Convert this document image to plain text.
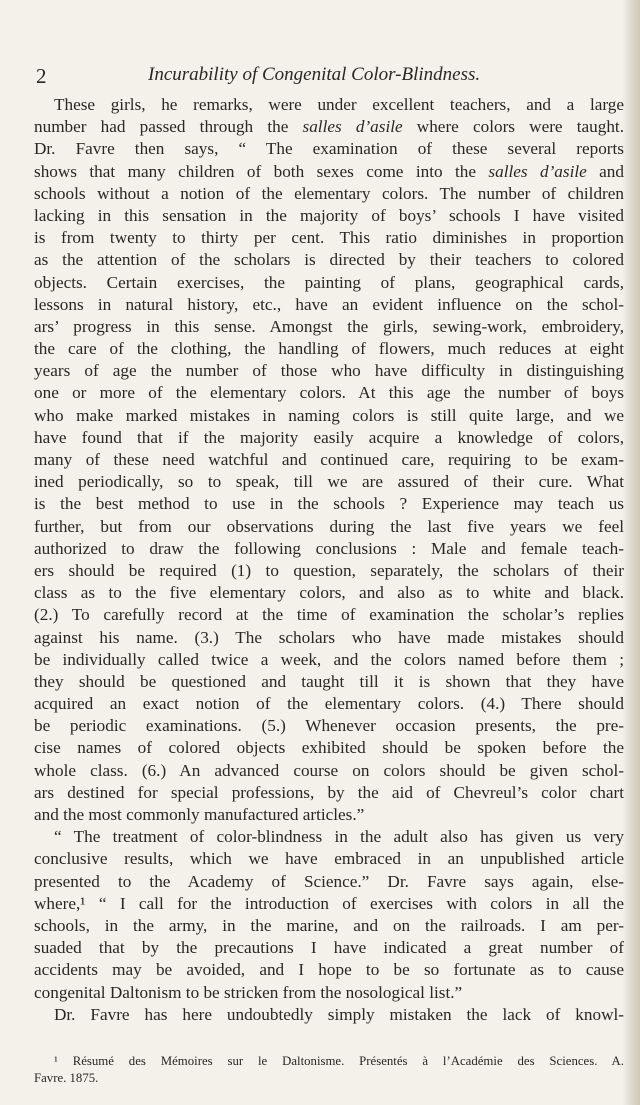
2	Incurability of Congenital Color-Blindness.
These girls, he remarks, were under excellent teachers, and a large
number had passed through the salles d’asile where colors were taught.
Dr. Favre then says, “ The examination of these several reports
shows that many children of both sexes come into the salles d’asile and
schools without a notion of the elementary colors. The number of children
lacking in this sensation in the majority of boys’ schools I have visited
is from twenty to thirty per cent. This ratio diminishes in proportion
as the attention of the scholars is directed by their teachers to colored
objects. Certain exercises, the painting of plans, geographical cards,
lessons in natural history, etc., have an evident influence on the schol-
ars’ progress in this sense. Amongst the girls, sewing-work, embroidery,
the care of the clothing, the handling of flowers, much reduces at eight
years of age the number of those who have difficulty in distinguishing
one or more of the elementary colors. At this age the number of boys
who make marked mistakes in naming colors is still quite large, and we
have found that if the majority easily acquire a knowledge of colors,
many of these need watchful and continued care, requiring to be exam-
ined periodically, so to speak, till we are assured of their cure. What
is the best method to use in the schools ? Experience may teach us
further, but from our observations during the last five years we feel
authorized to draw the following conclusions : Male and female teach-
ers should be required (1) to question, separately, the scholars of their
class as to the five elementary colors, and also as to white and black.
(2.) To carefully record at the time of examination the scholar’s replies
against his name. (3.) The scholars who have made mistakes should
be individually called twice a week, and the colors named before them ;
they should be questioned and taught till it is shown that they have
acquired an exact notion of the elementary colors. (4.) There should
be periodic examinations. (5.) Whenever occasion presents, the pre-
cise names of colored objects exhibited should be spoken before the
whole class. (6.) An advanced course on colors should be given schol-
ars destined for special professions, by the aid of Chevreul’s color chart
and the most commonly manufactured articles.”
“ The treatment of color-blindness in the adult also has given us very
conclusive results, which we have embraced in an unpublished article
presented to the Academy of Science.” Dr. Favre says again, else-
where,¹ “ I call for the introduction of exercises with colors in all the
schools, in the army, in the marine, and on the railroads. I am per-
suaded that by the precautions I have indicated a great number of
accidents may be avoided, and I hope to be so fortunate as to cause
congenital Daltonism to be stricken from the nosological list.”
Dr. Favre has here undoubtedly simply mistaken the lack of knowl-
¹ Résumé des Mémoires sur le Daltonisme. Présentés à l’Académie des Sciences. A.
Favre. 1875.
